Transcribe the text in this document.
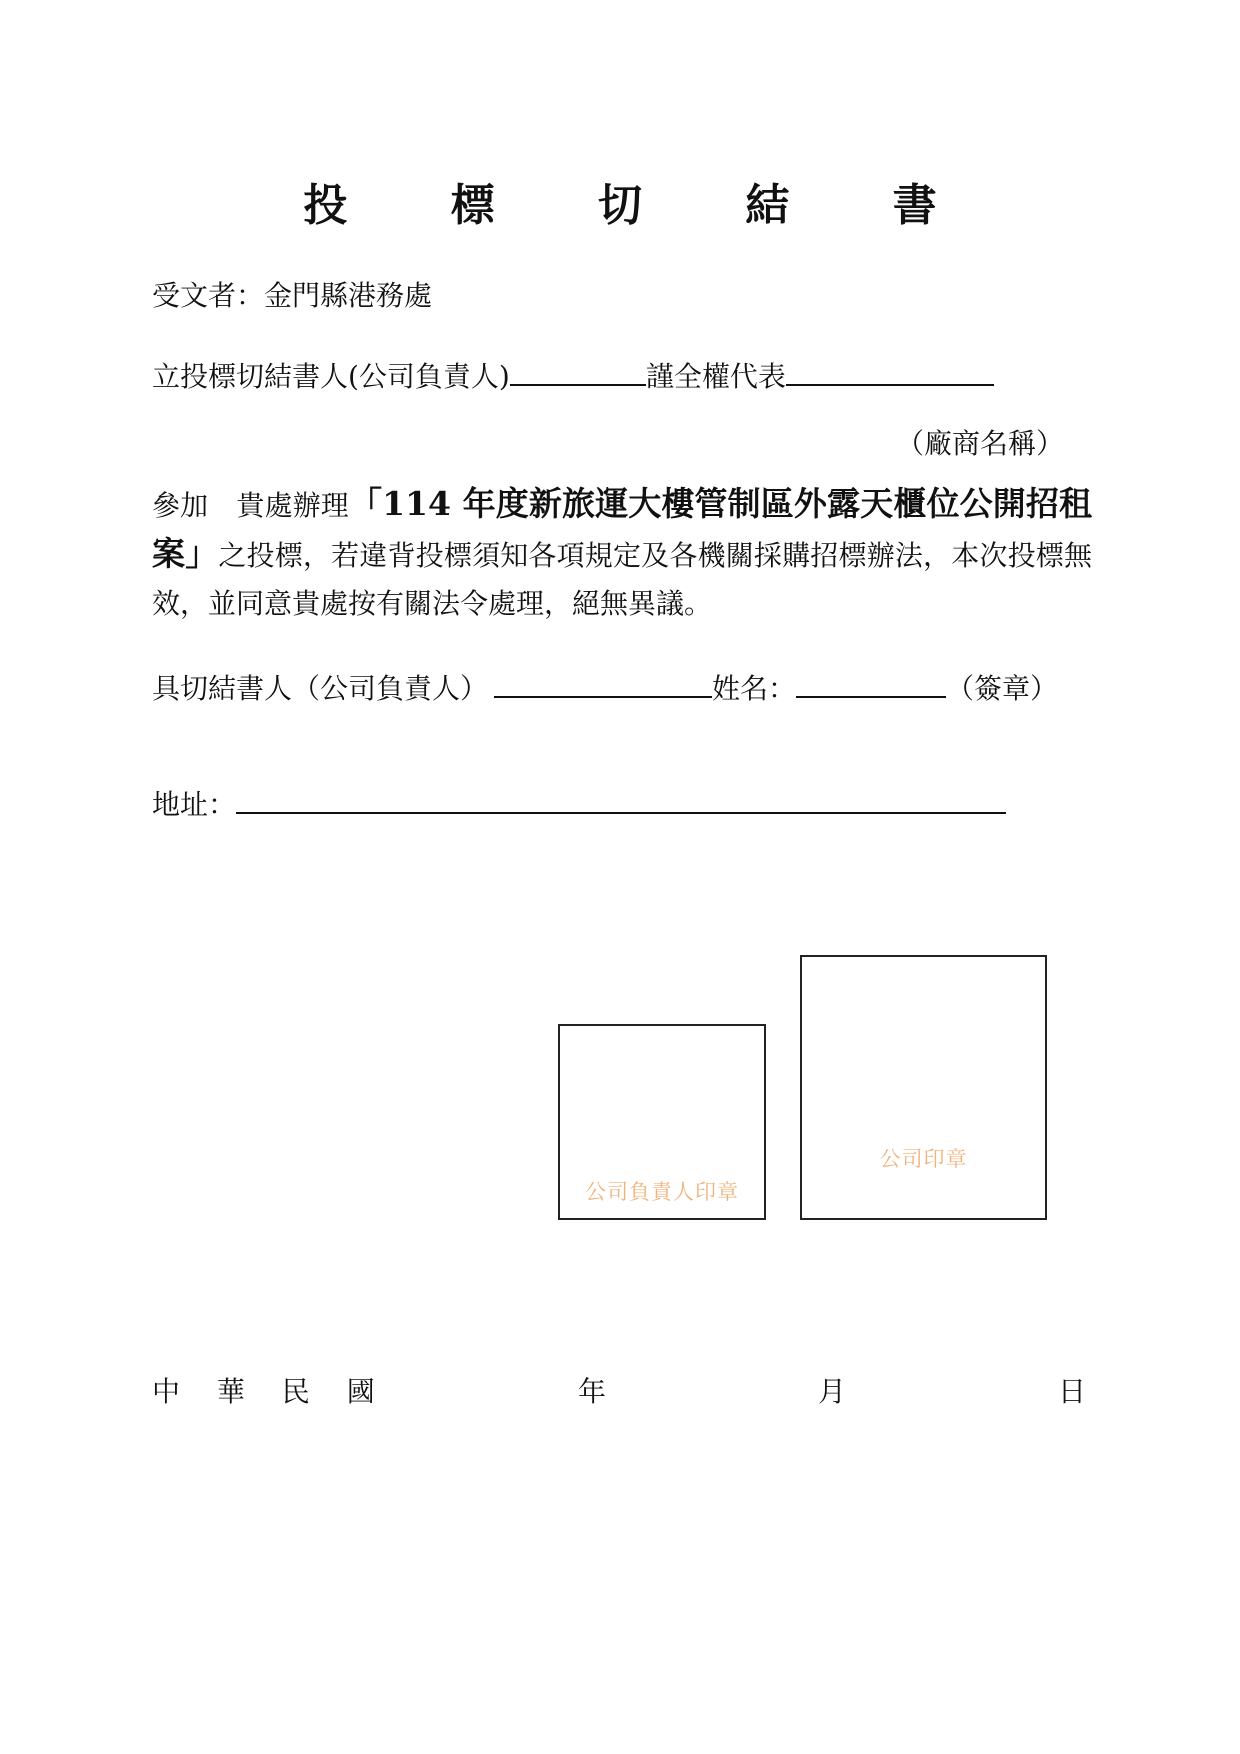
投 標 切 結 書
受文者：金門縣港務處
立投標切結書人(公司負責人)	謹全權代表
（廠商名稱）
參加　貴處辦理「114 年度新旅運大樓管制區外露天櫃位公開招租案」之投標，若違背投標須知各項規定及各機關採購招標辦法，本次投標無效，並同意貴處按有關法令處理，絕無異議。
具切結書人（公司負責人）	姓名：	（簽章）
地址：
公司負責人印章
公司印章
中 華 民 國	年	月	日
